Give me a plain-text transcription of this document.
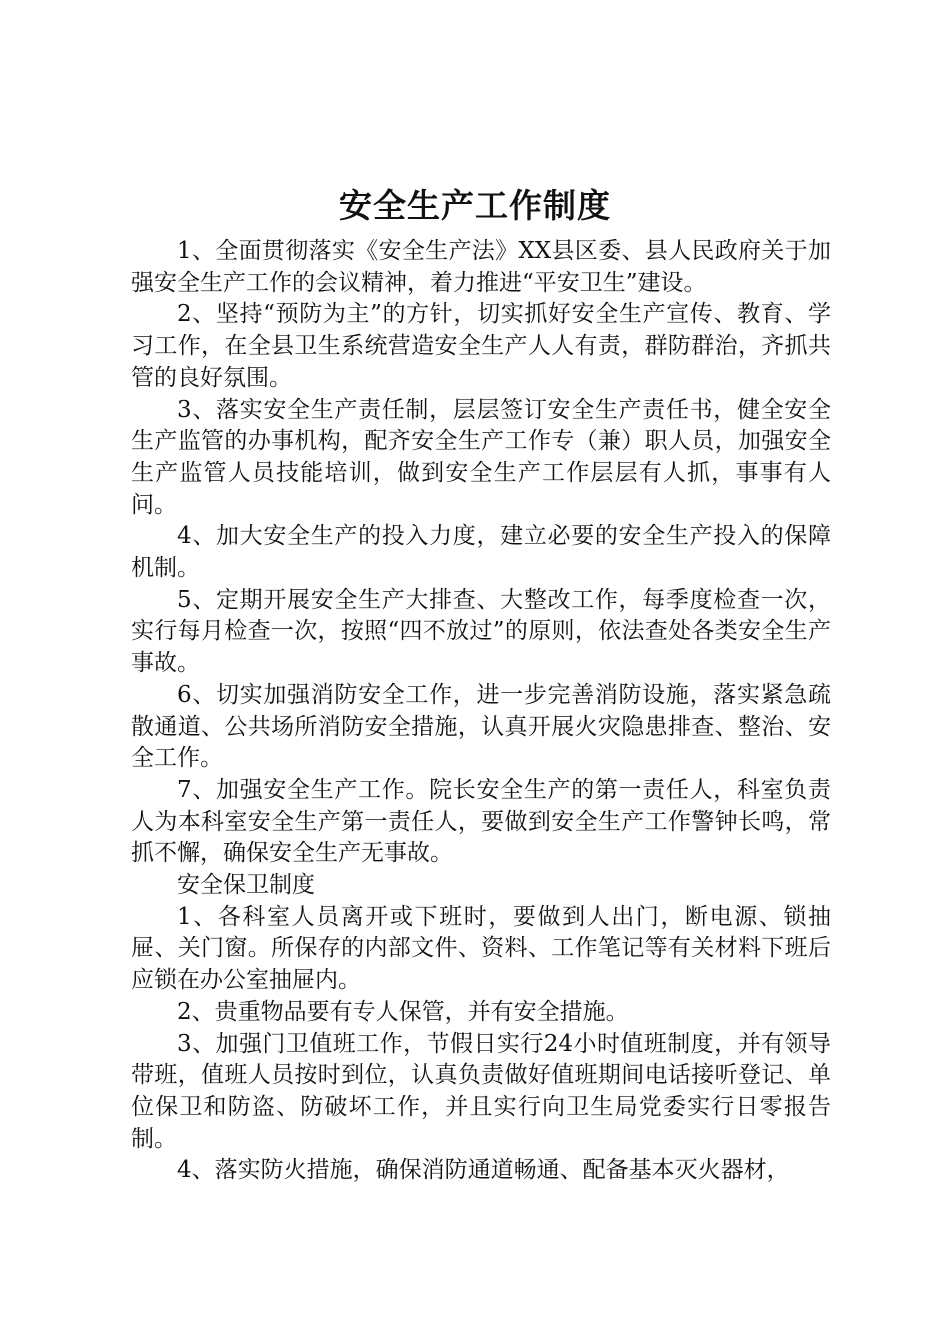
安全生产工作制度

1、全面贯彻落实《安全生产法》XX县区委、县人民政府关于加强安全生产工作的会议精神，着力推进“平安卫生”建设。

2、坚持“预防为主”的方针，切实抓好安全生产宣传、教育、学习工作，在全县卫生系统营造安全生产人人有责，群防群治，齐抓共管的良好氛围。

3、落实安全生产责任制，层层签订安全生产责任书，健全安全生产监管的办事机构，配齐安全生产工作专（兼）职人员，加强安全生产监管人员技能培训，做到安全生产工作层层有人抓，事事有人问。

4、加大安全生产的投入力度，建立必要的安全生产投入的保障机制。

5、定期开展安全生产大排查、大整改工作，每季度检查一次，实行每月检查一次，按照“四不放过”的原则，依法查处各类安全生产事故。

6、切实加强消防安全工作，进一步完善消防设施，落实紧急疏散通道、公共场所消防安全措施，认真开展火灾隐患排查、整治、安全工作。

7、加强安全生产工作。院长安全生产的第一责任人，科室负责人为本科室安全生产第一责任人，要做到安全生产工作警钟长鸣，常抓不懈，确保安全生产无事故。

安全保卫制度

1、各科室人员离开或下班时，要做到人出门，断电源、锁抽屉、关门窗。所保存的内部文件、资料、工作笔记等有关材料下班后应锁在办公室抽屉内。

2、贵重物品要有专人保管，并有安全措施。

3、加强门卫值班工作，节假日实行24小时值班制度，并有领导带班，值班人员按时到位，认真负责做好值班期间电话接听登记、单位保卫和防盗、防破坏工作，并且实行向卫生局党委实行日零报告制。

4、落实防火措施，确保消防通道畅通、配备基本灭火器材，
